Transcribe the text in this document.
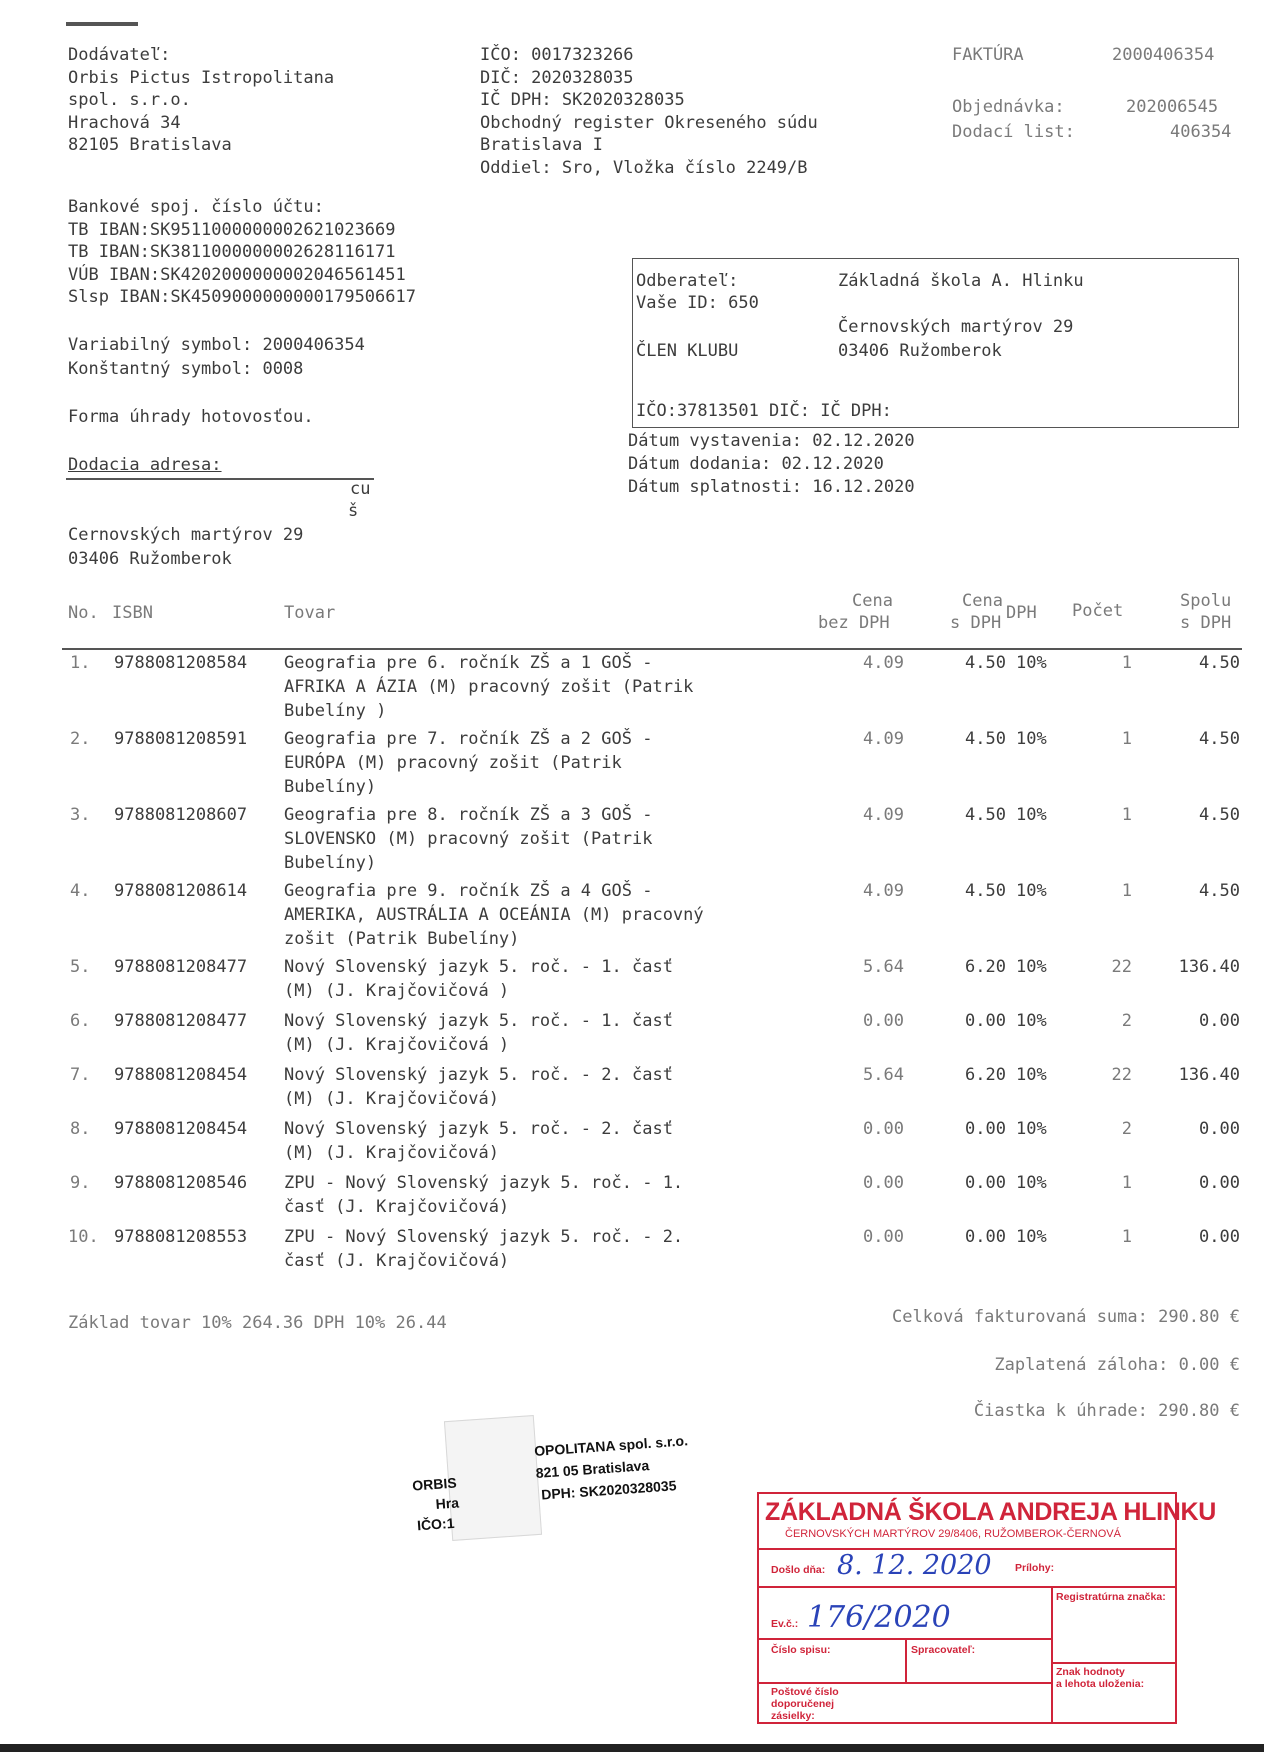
Dodávateľ:
Orbis Pictus Istropolitana
spol. s.r.o.
Hrachová 34
82105 Bratislava
IČO: 0017323266
DIČ: 2020328035
IČ DPH: SK2020328035
Obchodný register Okreseného súdu
Bratislava I
Oddiel: Sro, Vložka číslo 2249/B
FAKTÚRA	2000406354
Objednávka:	202006545
Dodací list:	406354
Bankové spoj. číslo účtu:
TB IBAN:SK9511000000002621023669
TB IBAN:SK3811000000002628116171
VÚB IBAN:SK4202000000002046561451
Slsp IBAN:SK4509000000000179506617
Variabilný symbol: 2000406354
Konštantný symbol: 0008
Forma úhrady hotovosťou.
Dodacia adresa:
cu
š
Cernovských martýrov 29
03406 Ružomberok
Odberateľ:
Vaše ID: 650
ČLEN KLUBU
Základná škola A. Hlinku
Černovských martýrov 29
03406 Ružomberok
IČO:37813501 DIČ: IČ DPH:
Dátum vystavenia: 02.12.2020
Dátum dodania: 02.12.2020
Dátum splatnosti: 16.12.2020
No. ISBN	Tovar
Cena
bez DPH
Cena
s DPH DPH Počet	Spolu
s DPH
1. 9788081208584 Geografia pre 6. ročník ZŠ a 1 GOŠ -
AFRIKA A ÁZIA (M) pracovný zošit (Patrik
Bubelíny )
4.09	4.50 10%	1	4.50
2. 9788081208591 Geografia pre 7. ročník ZŠ a 2 GOŠ -
EURÓPA (M) pracovný zošit (Patrik
Bubelíny)
4.09	4.50 10%	1	4.50
3. 9788081208607 Geografia pre 8. ročník ZŠ a 3 GOŠ -
SLOVENSKO (M) pracovný zošit (Patrik
Bubelíny)
4.09	4.50 10%	1	4.50
4. 9788081208614 Geografia pre 9. ročník ZŠ a 4 GOŠ -
AMERIKA, AUSTRÁLIA A OCEÁNIA (M) pracovný
zošit (Patrik Bubelíny)
4.09	4.50 10%	1	4.50
5. 9788081208477 Nový Slovenský jazyk 5. roč. - 1. časť
(M) (J. Krajčovičová )
5.64	6.20 10%	22	136.40
6. 9788081208477 Nový Slovenský jazyk 5. roč. - 1. časť
(M) (J. Krajčovičová )
0.00	0.00 10%	2	0.00
7. 9788081208454 Nový Slovenský jazyk 5. roč. - 2. časť
(M) (J. Krajčovičová)
5.64	6.20 10%	22	136.40
8. 9788081208454 Nový Slovenský jazyk 5. roč. - 2. časť
(M) (J. Krajčovičová)
0.00	0.00 10%	2	0.00
9. 9788081208546 ZPU - Nový Slovenský jazyk 5. roč. - 1.
časť (J. Krajčovičová)
0.00	0.00 10%	1	0.00
10. 9788081208553 ZPU - Nový Slovenský jazyk 5. roč. - 2.
časť (J. Krajčovičová)
0.00	0.00 10%	1	0.00
Základ tovar 10% 264.36 DPH 10% 26.44	Celková fakturovaná suma: 290.80 €
Zaplatená záloha: 0.00 €
Čiastka k úhrade: 290.80 €
ORBIS
OPOLITANA spol. s.r.o.
Hra
821 05 Bratislava
IČO:1
DPH: SK2020328035
ZÁKLADNÁ ŠKOLA ANDREJA HLINKU
ČERNOVSKÝCH MARTÝROV 29/8406, RUŽOMBEROK-ČERNOVÁ
Došlo dňa: 8. 12. 2020 Prílohy:
Registratúrna značka:
Ev.č.: 176/2020
Číslo spisu:	Spracovateľ:
Znak hodnoty
a lehota uloženia:
Poštové číslo
doporučenej
zásielky:
